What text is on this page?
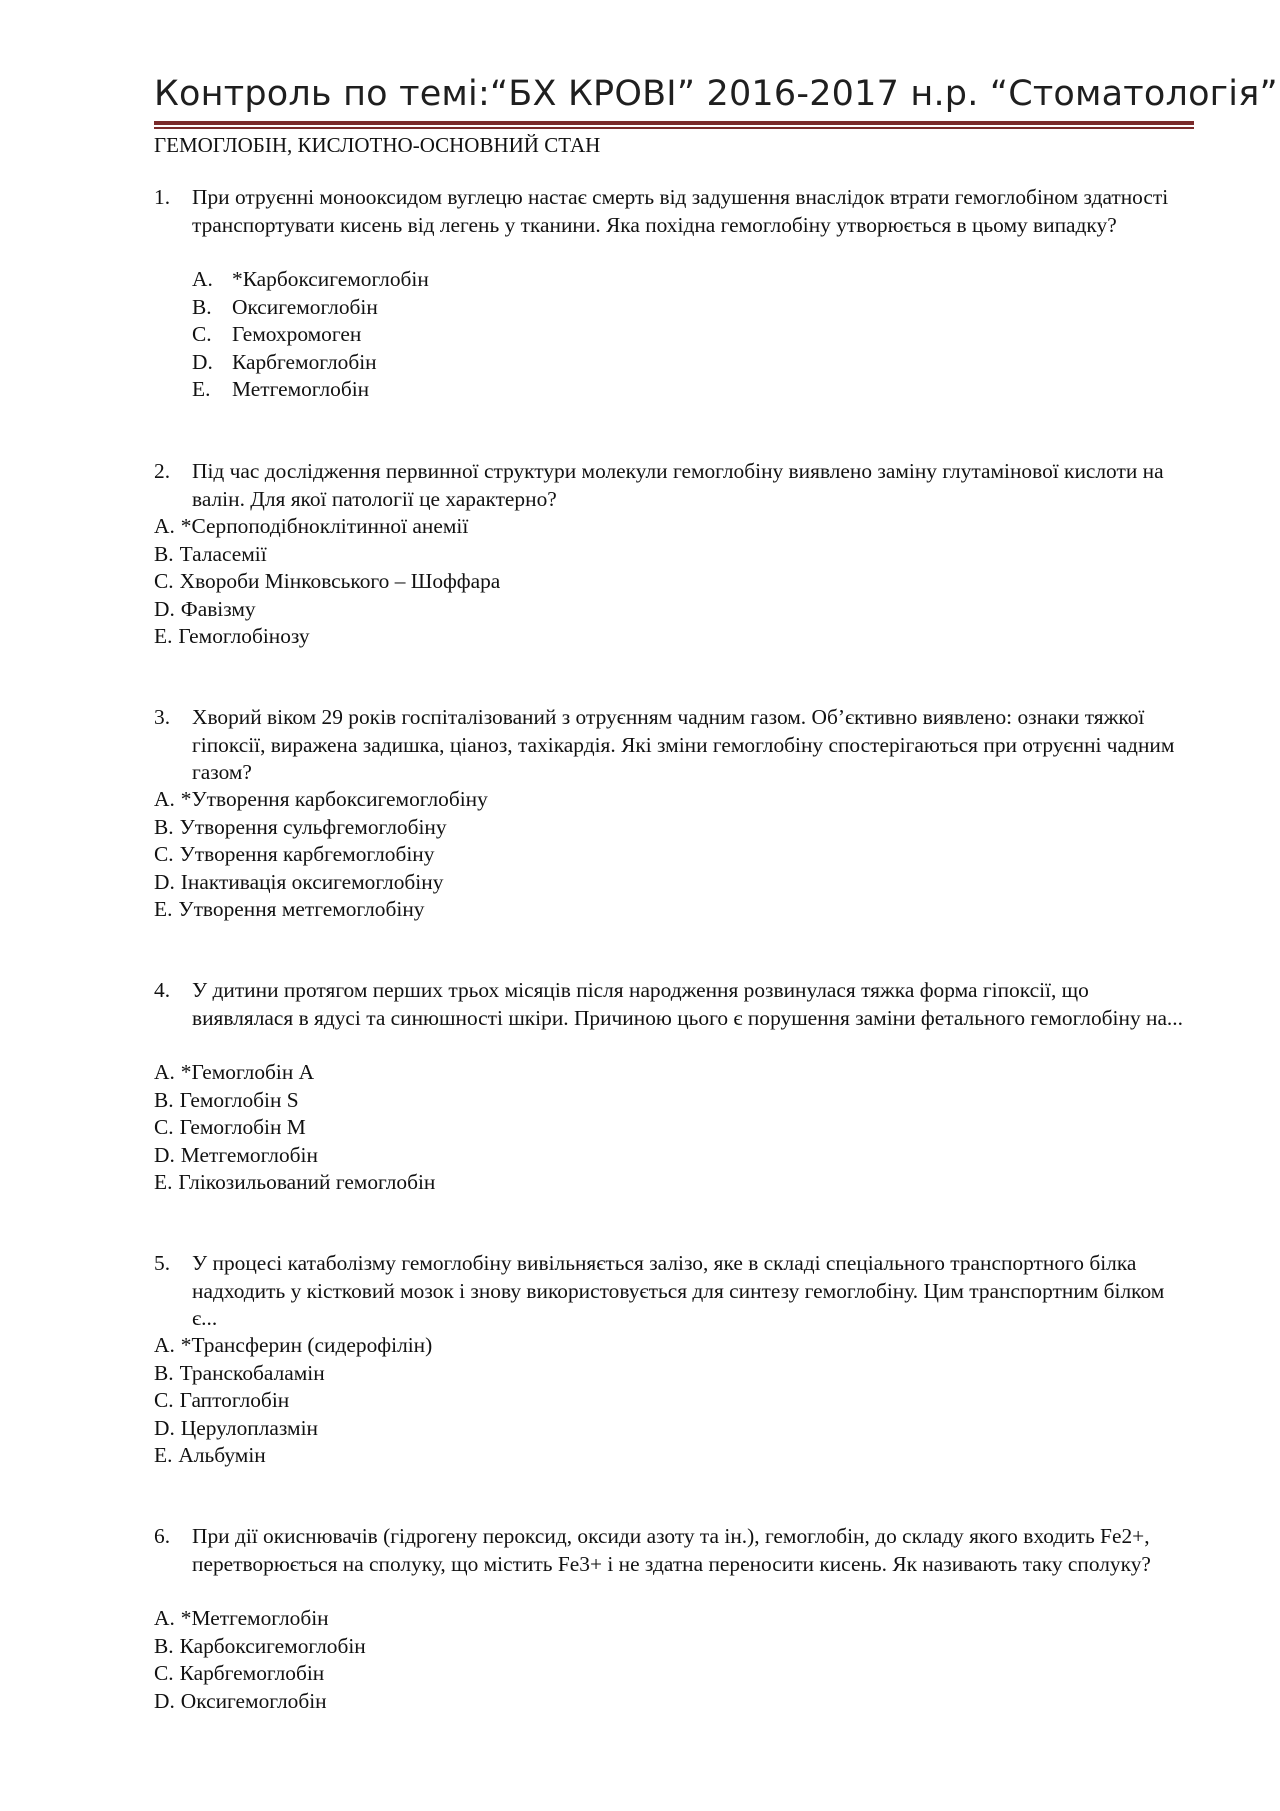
Контроль по темі:“БХ КРОВІ” 2016-2017 н.р. “Стоматологія”
ГЕМОГЛОБІН, КИСЛОТНО-ОСНОВНИЙ СТАН
1.	При отруєнні монооксидом вуглецю настає смерть від задушення внаслідок втрати гемоглобіном здатності транспортувати кисень від легень у тканини. Яка похідна гемоглобіну утворюється в цьому випадку?
A. *Карбоксигемоглобін
B. Оксигемоглобін
C. Гемохромоген
D. Карбгемоглобін
E. Метгемоглобін
2.	Під час дослідження первинної структури молекули гемоглобіну виявлено заміну глутамінової кислоти на валін. Для якої патології це характерно?
A. *Серпоподібноклітинної анемії
B. Таласемії
C. Хвороби Мінковського – Шоффара
D. Фавізму
E. Гемоглобінозу
3.	Хворий віком 29 років госпіталізований з отруєнням чадним газом. Об’єктивно виявлено: ознаки тяжкої гіпоксії, виражена задишка, ціаноз, тахікардія. Які зміни гемоглобіну спостерігаються при отруєнні чадним газом?
A. *Утворення карбоксигемоглобіну
B. Утворення сульфгемоглобіну
C. Утворення карбгемоглобіну
D. Інактивація оксигемоглобіну
E. Утворення метгемоглобіну
4.	У дитини протягом перших трьох місяців після народження розвинулася тяжка форма гіпоксії, що виявлялася в ядусі та синюшності шкіри. Причиною цього є порушення заміни фетального гемоглобіну на...
A. *Гемоглобін А
B. Гемоглобін S
C. Гемоглобін M
D. Метгемоглобін
E. Глікозильований гемоглобін
5.	У процесі катаболізму гемоглобіну вивільняється залізо, яке в складі спеціального транспортного білка надходить у кістковий мозок і знову використовується для синтезу гемоглобіну. Цим транспортним білком є...
A. *Трансферин (сидерофілін)
B. Транскобаламін
C. Гаптоглобін
D. Церулоплазмін
E. Альбумін
6.	При дії окиснювачів (гідрогену пероксид, оксиди азоту та ін.), гемоглобін, до складу якого входить Fe2+, перетворюється на сполуку, що містить Fe3+ і не здатна переносити кисень. Як називають таку сполуку?
A. *Метгемоглобін
B. Карбоксигемоглобін
C. Карбгемоглобін
D. Оксигемоглобін
